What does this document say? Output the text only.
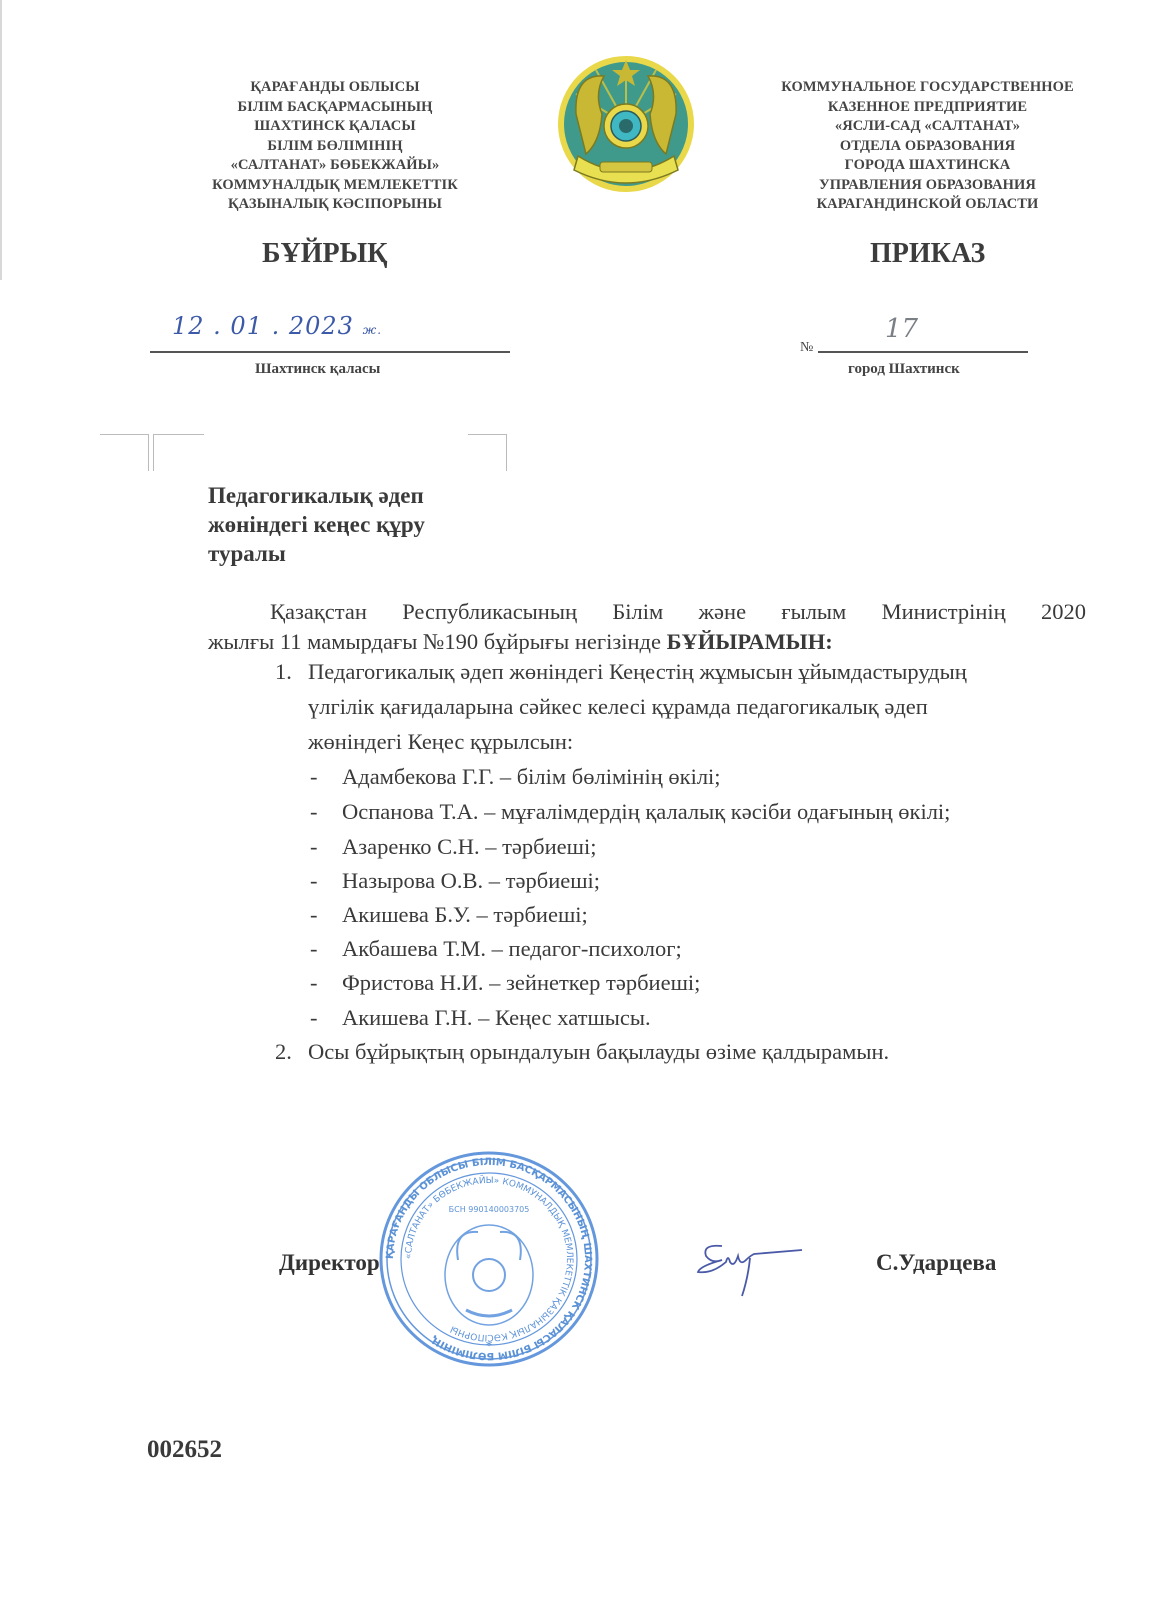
ҚАРАҒАНДЫ ОБЛЫСЫ
БІЛІМ БАСҚАРМАСЫНЫҢ
ШАХТИНСК ҚАЛАСЫ
БІЛІМ БӨЛІМІНІҢ
«САЛТАНАТ» БӨБЕКЖАЙЫ»
КОММУНАЛДЫҚ МЕМЛЕКЕТТІК
ҚАЗЫНАЛЫҚ КӘСІПОРЫНЫ
КОММУНАЛЬНОЕ ГОСУДАРСТВЕННОЕ
КАЗЕННОЕ ПРЕДПРИЯТИЕ
«ЯСЛИ-САД «САЛТАНАТ»
ОТДЕЛА ОБРАЗОВАНИЯ
ГОРОДА ШАХТИНСКА
УПРАВЛЕНИЯ ОБРАЗОВАНИЯ
КАРАГАНДИНСКОЙ ОБЛАСТИ
БҰЙРЫҚ	ПРИКАЗ
12 . 01 . 2023 ж.
Шахтинск қаласы
№
17
город Шахтинск
Педагогикалық әдеп
жөніндегі кеңес құру
туралы
Қазақстан Республикасының Білім және ғылым Министрінің 2020
жылғы 11 мамырдағы №190 бұйрығы негізінде БҰЙЫРАМЫН:
1. Педагогикалық әдеп жөніндегі Кеңестің жұмысын ұйымдастырудың
үлгілік қағидаларына сәйкес келесі құрамда педагогикалық әдеп
жөніндегі Кеңес құрылсын:
- Адамбекова Г.Г. – білім бөлімінің өкілі;
- Оспанова Т.А. – мұғалімдердің қалалық кәсіби одағының өкілі;
- Азаренко С.Н. – тәрбиеші;
- Назырова О.В. – тәрбиеші;
- Акишева Б.У. – тәрбиеші;
- Акбашева Т.М. – педагог-психолог;
- Фристова Н.И. – зейнеткер тәрбиеші;
- Акишева Г.Н. – Кеңес хатшысы.
2. Осы бұйрықтың орындалуын бақылауды өзіме қалдырамын.
ҚАРАҒАНДЫ ОБЛЫСЫ БІЛІМ БАСҚАРМАСЫНЫҢ ШАХТИНСК ҚАЛАСЫ БІЛІМ БӨЛІМІНІҢ
«САЛТАНАТ» БӨБЕКЖАЙЫ» КОММУНАЛДЫҚ МЕМЛЕКЕТТІК ҚАЗЫНАЛЫҚ КӘСІПОРНЫ
БСН 990140003705
*
Директор	С.Ударцева
002652
